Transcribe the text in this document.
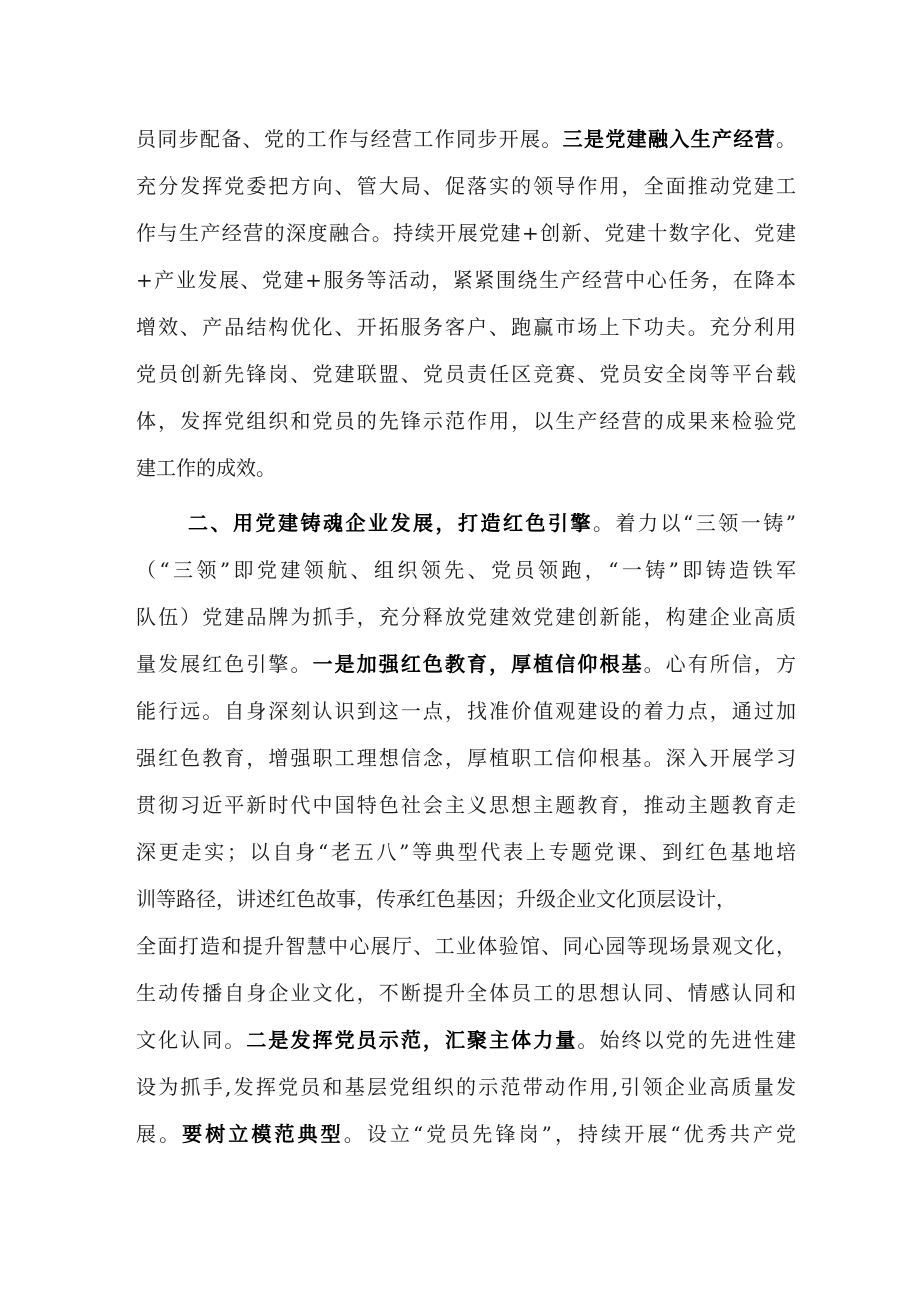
员同步配备、党的工作与经营工作同步开展。三是党建融入生产经营。
充分发挥党委把方向、管大局、促落实的领导作用，全面推动党建工
作与生产经营的深度融合。持续开展党建+创新、党建十数字化、党建
+产业发展、党建+服务等活动，紧紧围绕生产经营中心任务，在降本
增效、产品结构优化、开拓服务客户、跑赢市场上下功夫。充分利用
党员创新先锋岗、党建联盟、党员责任区竞赛、党员安全岗等平台载
体，发挥党组织和党员的先锋示范作用，以生产经营的成果来检验党
建工作的成效。
二、用党建铸魂企业发展，打造红色引擎。着力以“三领一铸”
（“三领”即党建领航、组织领先、党员领跑，“一铸”即铸造铁军
队伍）党建品牌为抓手，充分释放党建效党建创新能，构建企业高质
量发展红色引擎。一是加强红色教育，厚植信仰根基。心有所信，方
能行远。自身深刻认识到这一点，找准价值观建设的着力点，通过加
强红色教育，增强职工理想信念，厚植职工信仰根基。深入开展学习
贯彻习近平新时代中国特色社会主义思想主题教育，推动主题教育走
深更走实；以自身“老五八”等典型代表上专题党课、到红色基地培
训等路径，讲述红色故事，传承红色基因；升级企业文化顶层设计，
全面打造和提升智慧中心展厅、工业体验馆、同心园等现场景观文化，
生动传播自身企业文化，不断提升全体员工的思想认同、情感认同和
文化认同。二是发挥党员示范，汇聚主体力量。始终以党的先进性建
设为抓手,发挥党员和基层党组织的示范带动作用,引领企业高质量发
展。要树立模范典型。设立“党员先锋岗”，持续开展“优秀共产党
